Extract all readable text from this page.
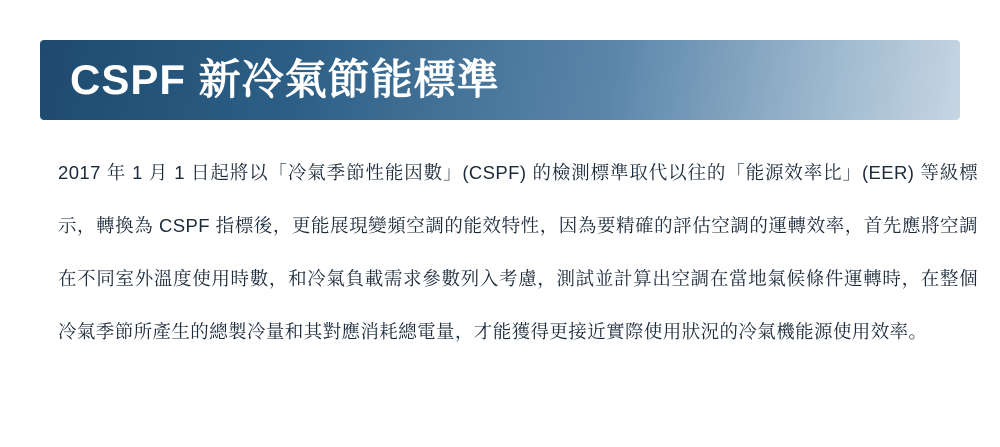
CSPF 新冷氣節能標準

2017 年 1 月 1 日起將以「冷氣季節性能因數」(CSPF) 的檢測標準取代以往的「能源效率比」(EER) 等級標示，轉換為 CSPF 指標後，更能展現變頻空調的能效特性，因為要精確的評估空調的運轉效率，首先應將空調在不同室外溫度使用時數，和冷氣負載需求參數列入考慮，測試並計算出空調在當地氣候條件運轉時，在整個冷氣季節所產生的總製冷量和其對應消耗總電量，才能獲得更接近實際使用狀況的冷氣機能源使用效率。
